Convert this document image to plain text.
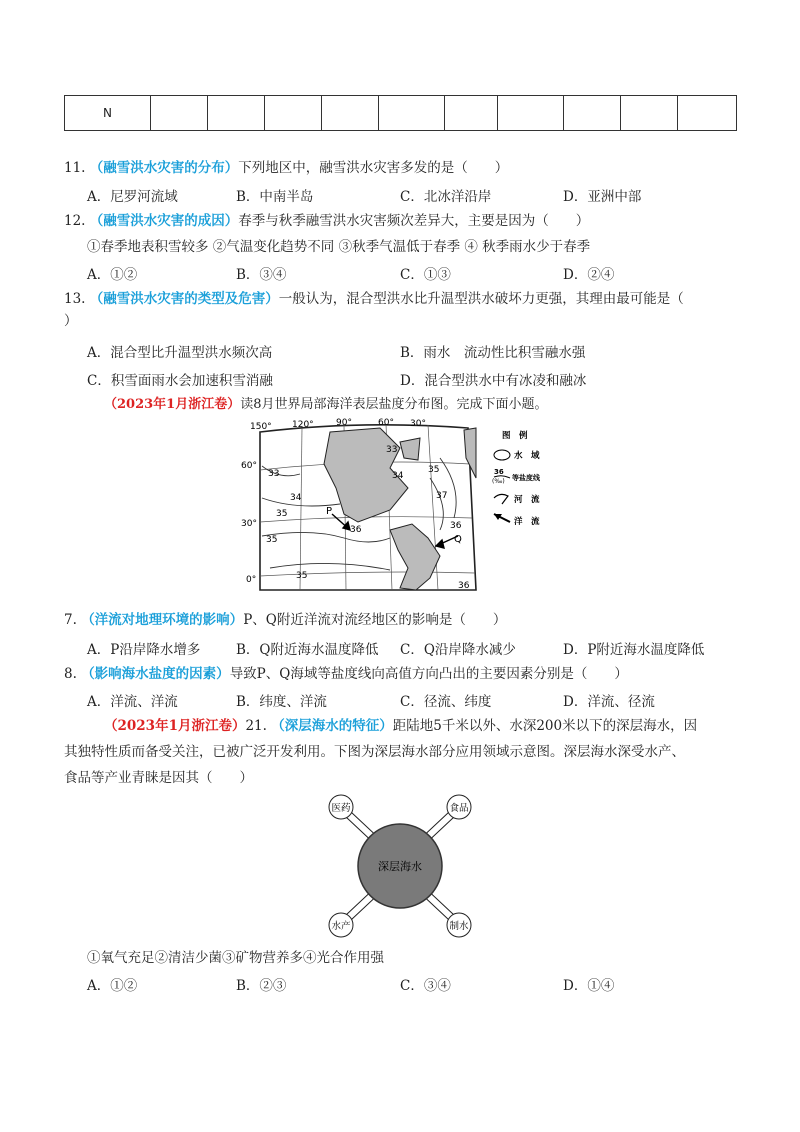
N										
11. （融雪洪水灾害的分布）下列地区中，融雪洪水灾害多发的是（　　）
A．尼罗河流域	B．中南半岛	C．北冰洋沿岸	D．亚洲中部
12. （融雪洪水灾害的成因）春季与秋季融雪洪水灾害频次差异大，主要是因为（　　）
①春季地表积雪较多 ②气温变化趋势不同 ③秋季气温低于春季 ④ 秋季雨水少于春季
A．①②	B．③④	C．①③	D．②④
13. （融雪洪水灾害的类型及危害）一般认为，混合型洪水比升温型洪水破坏力更强，其理由最可能是（
）
A．混合型比升温型洪水频次高	B．雨水　流动性比积雪融水强
C．积雪面雨水会加速积雪消融	D．混合型洪水中有冰凌和融冰
（2023年1月浙江卷）读8月世界局部海洋表层盐度分布图。完成下面小题。
150° 120° 90°	60° 30°
60°
30°
0°
33
34
35
35
36
37
36
35
34
33
36
35
P
Q
图　例
水　域
36
(‰) 等盐度线
河　流
洋　流
7. （洋流对地理环境的影响）P、Q附近洋流对流经地区的影响是（　　）
A．P沿岸降水增多	B．Q附近海水温度降低 C．Q沿岸降水减少	D．P附近海水温度降低
8. （影响海水盐度的因素）导致P、Q海域等盐度线向高值方向凸出的主要因素分别是（　　）
A．洋流、洋流	B．纬度、洋流	C．径流、纬度	D．洋流、径流
（2023年1月浙江卷）21. （深层海水的特征）距陆地5千米以外、水深200米以下的深层海水，因
其独特性质而备受关注，已被广泛开发利用。下图为深层海水部分应用领域示意图。深层海水深受水产、
食品等产业青睐是因其（　　）
深层海水
医药	食品
水产	制水
①氧气充足②清洁少菌③矿物营养多④光合作用强
A．①②	B．②③	C．③④	D．①④
